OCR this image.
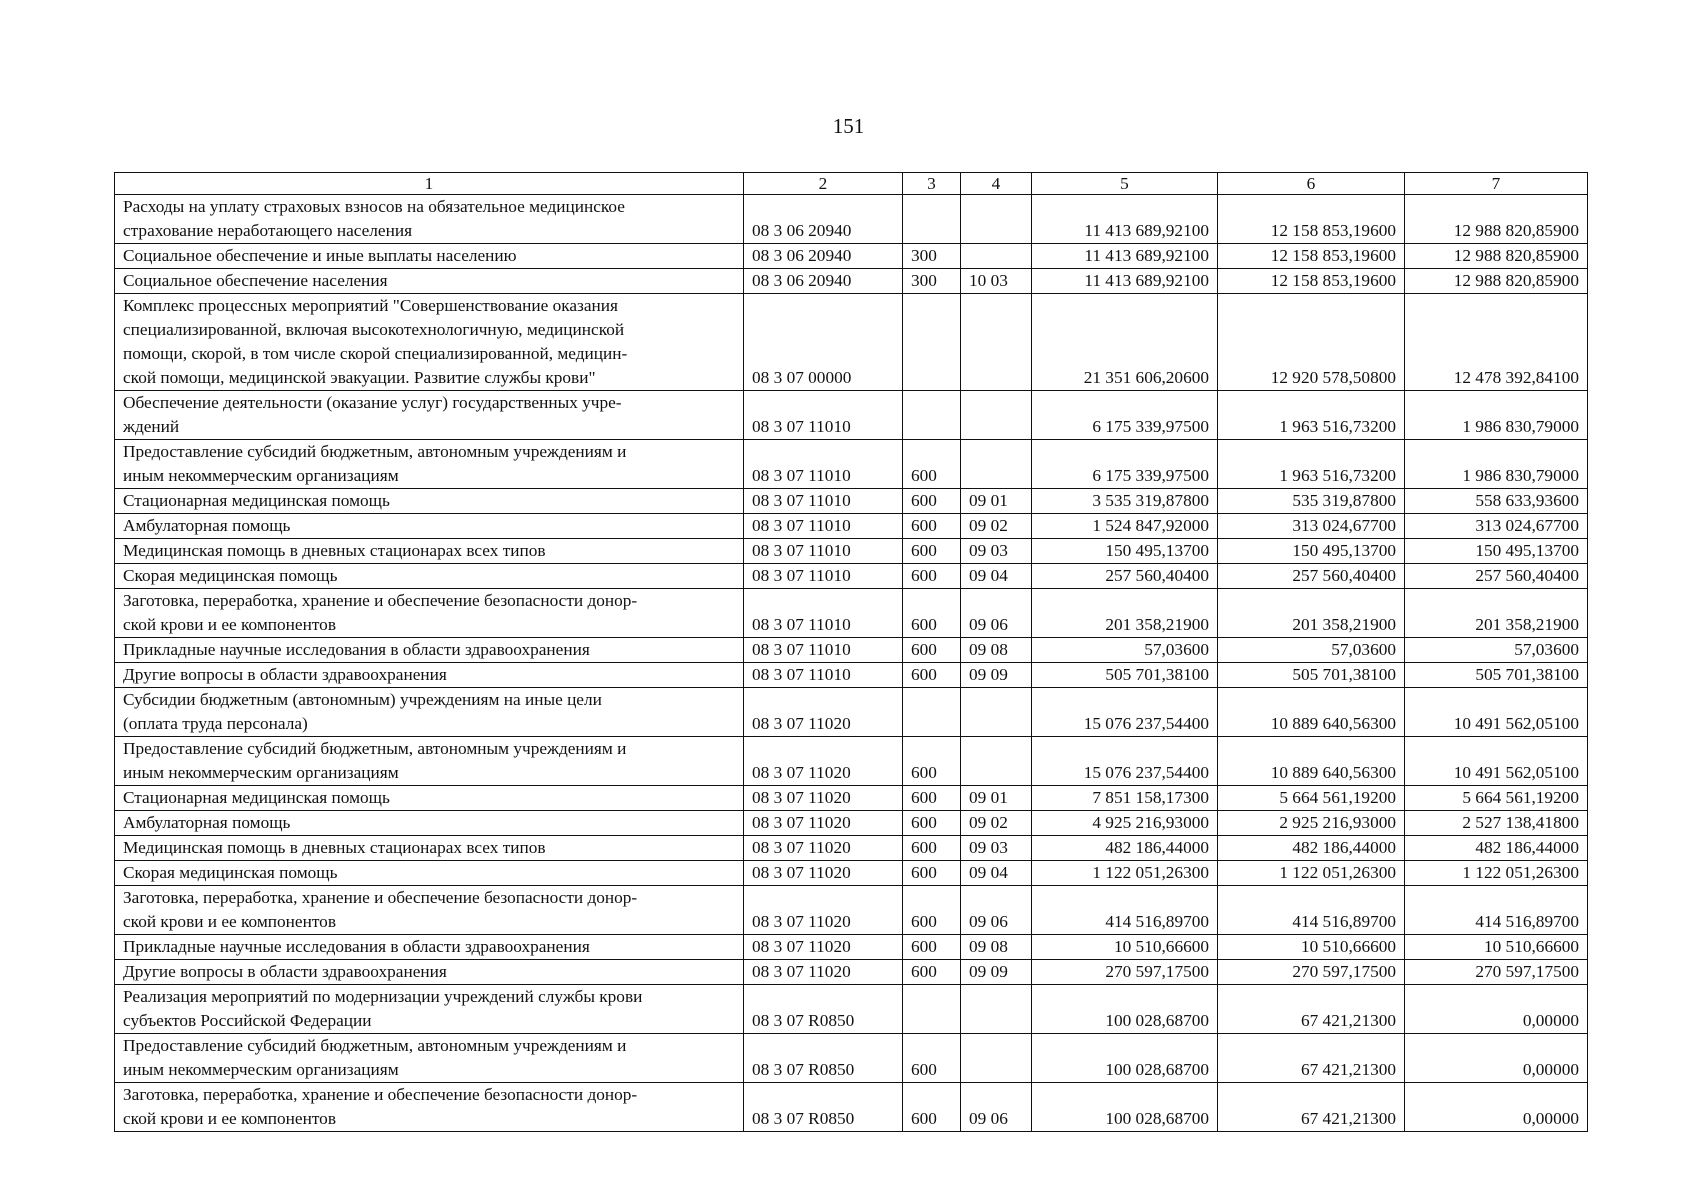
151
1	2	3	4	5	6	7

Расходы на уплату страховых взносов на обязательное медицинское
страхование неработающего населения	08 3 06 20940			11 413 689,92100	12 158 853,19600	12 988 820,85900

Социальное обеспечение и иные выплаты населению	08 3 06 20940	300		11 413 689,92100	12 158 853,19600	12 988 820,85900

Социальное обеспечение населения	08 3 06 20940	300	10 03	11 413 689,92100	12 158 853,19600	12 988 820,85900

Комплекс процессных мероприятий "Совершенствование оказания
специализированной, включая высокотехнологичную, медицинской
помощи, скорой, в том числе скорой специализированной, медицин-
ской помощи, медицинской эвакуации. Развитие службы крови"	08 3 07 00000			21 351 606,20600	12 920 578,50800	12 478 392,84100

Обеспечение деятельности (оказание услуг) государственных учре-
ждений	08 3 07 11010			6 175 339,97500	1 963 516,73200	1 986 830,79000

Предоставление субсидий бюджетным, автономным учреждениям и
иным некоммерческим организациям	08 3 07 11010	600		6 175 339,97500	1 963 516,73200	1 986 830,79000

Стационарная медицинская помощь	08 3 07 11010	600	09 01	3 535 319,87800	535 319,87800	558 633,93600

Амбулаторная помощь	08 3 07 11010	600	09 02	1 524 847,92000	313 024,67700	313 024,67700

Медицинская помощь в дневных стационарах всех типов	08 3 07 11010	600	09 03	150 495,13700	150 495,13700	150 495,13700

Скорая медицинская помощь	08 3 07 11010	600	09 04	257 560,40400	257 560,40400	257 560,40400

Заготовка, переработка, хранение и обеспечение безопасности донор-
ской крови и ее компонентов	08 3 07 11010	600	09 06	201 358,21900	201 358,21900	201 358,21900

Прикладные научные исследования в области здравоохранения	08 3 07 11010	600	09 08	57,03600	57,03600	57,03600

Другие вопросы в области здравоохранения	08 3 07 11010	600	09 09	505 701,38100	505 701,38100	505 701,38100

Субсидии бюджетным (автономным) учреждениям на иные цели
(оплата труда персонала)	08 3 07 11020			15 076 237,54400	10 889 640,56300	10 491 562,05100

Предоставление субсидий бюджетным, автономным учреждениям и
иным некоммерческим организациям	08 3 07 11020	600		15 076 237,54400	10 889 640,56300	10 491 562,05100

Стационарная медицинская помощь	08 3 07 11020	600	09 01	7 851 158,17300	5 664 561,19200	5 664 561,19200

Амбулаторная помощь	08 3 07 11020	600	09 02	4 925 216,93000	2 925 216,93000	2 527 138,41800

Медицинская помощь в дневных стационарах всех типов	08 3 07 11020	600	09 03	482 186,44000	482 186,44000	482 186,44000

Скорая медицинская помощь	08 3 07 11020	600	09 04	1 122 051,26300	1 122 051,26300	1 122 051,26300

Заготовка, переработка, хранение и обеспечение безопасности донор-
ской крови и ее компонентов	08 3 07 11020	600	09 06	414 516,89700	414 516,89700	414 516,89700

Прикладные научные исследования в области здравоохранения	08 3 07 11020	600	09 08	10 510,66600	10 510,66600	10 510,66600

Другие вопросы в области здравоохранения	08 3 07 11020	600	09 09	270 597,17500	270 597,17500	270 597,17500

Реализация мероприятий по модернизации учреждений службы крови
субъектов Российской Федерации	08 3 07 R0850			100 028,68700	67 421,21300	0,00000

Предоставление субсидий бюджетным, автономным учреждениям и
иным некоммерческим организациям	08 3 07 R0850	600		100 028,68700	67 421,21300	0,00000

Заготовка, переработка, хранение и обеспечение безопасности донор-
ской крови и ее компонентов	08 3 07 R0850	600	09 06	100 028,68700	67 421,21300	0,00000
